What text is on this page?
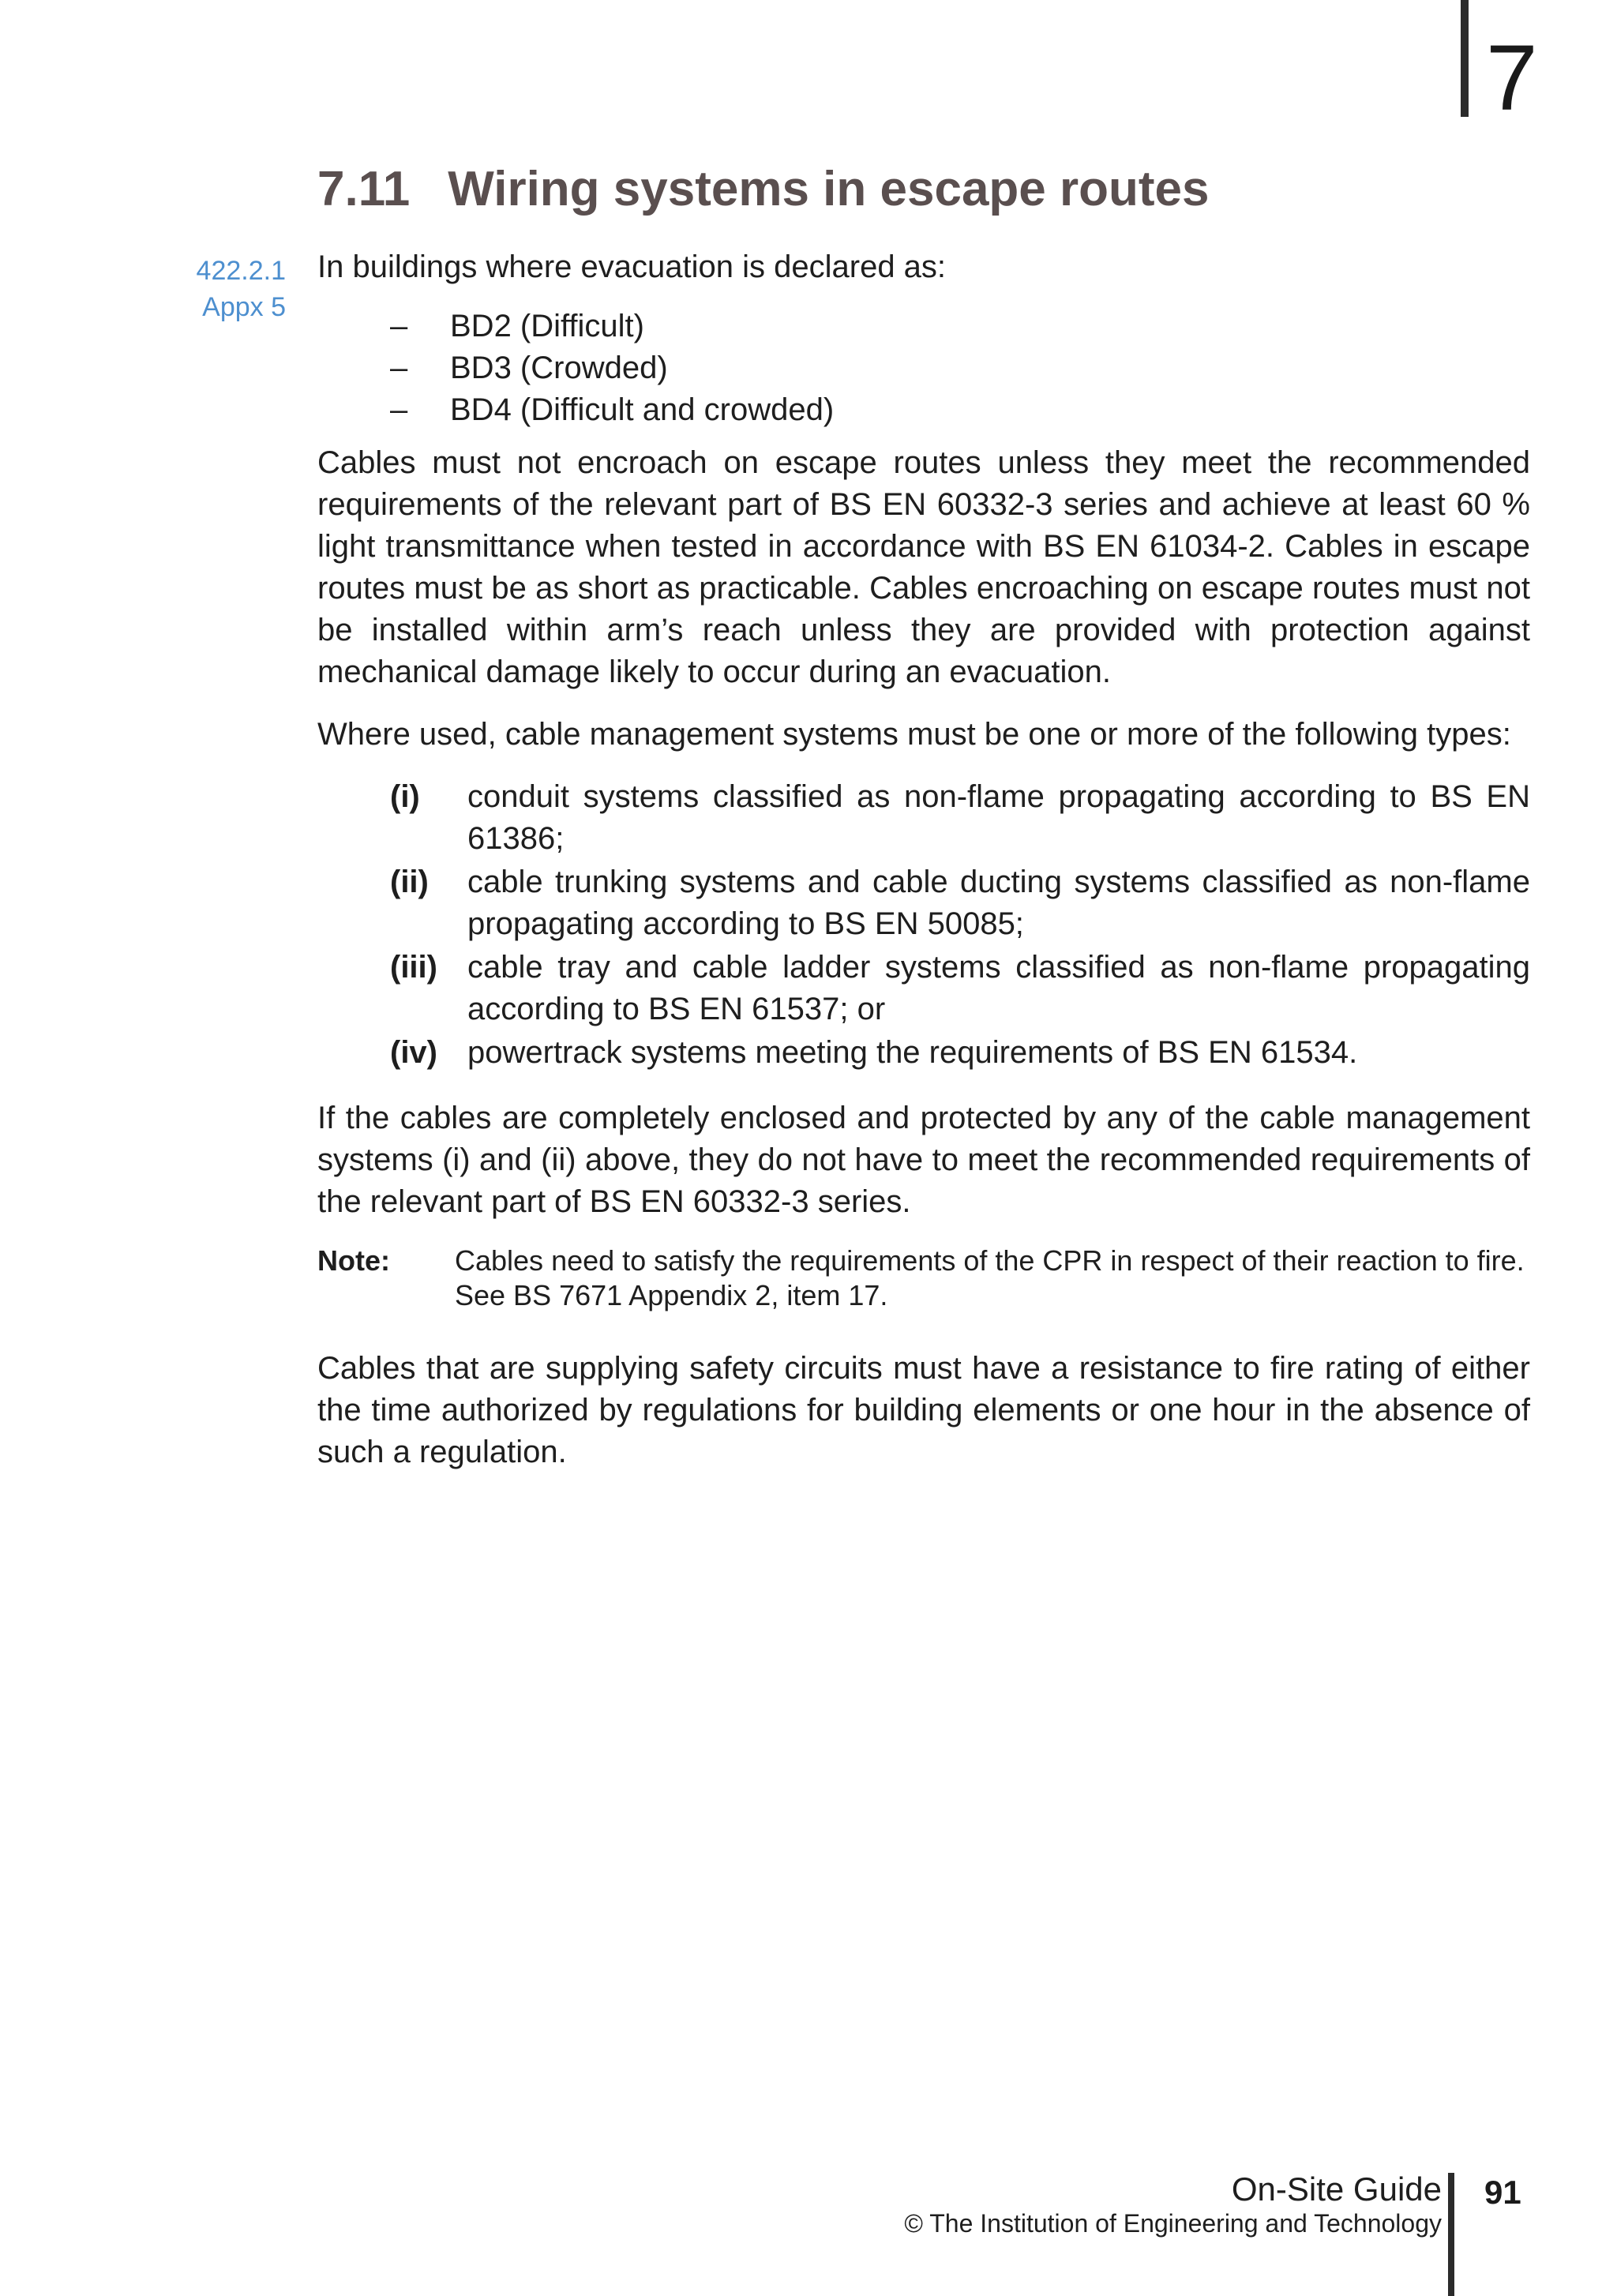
7
7.11 Wiring systems in escape routes
422.2.1
Appx 5

In buildings where evacuation is declared as:

– BD2 (Difficult)
– BD3 (Crowded)
– BD4 (Difficult and crowded)

Cables must not encroach on escape routes unless they meet the recommended requirements of the relevant part of BS EN 60332-3 series and achieve at least 60 % light transmittance when tested in accordance with BS EN 61034-2. Cables in escape routes must be as short as practicable. Cables encroaching on escape routes must not be installed within arm’s reach unless they are provided with protection against mechanical damage likely to occur during an evacuation.

Where used, cable management systems must be one or more of the following types:

(i) conduit systems classified as non-flame propagating according to BS EN 61386;
(ii) cable trunking systems and cable ducting systems classified as non-flame propagating according to BS EN 50085;
(iii) cable tray and cable ladder systems classified as non-flame propagating according to BS EN 61537; or
(iv) powertrack systems meeting the requirements of BS EN 61534.

If the cables are completely enclosed and protected by any of the cable management systems (i) and (ii) above, they do not have to meet the recommended requirements of the relevant part of BS EN 60332-3 series.

Note:	Cables need to satisfy the requirements of the CPR in respect of their reaction to fire. See BS 7671 Appendix 2, item 17.

Cables that are supplying safety circuits must have a resistance to fire rating of either the time authorized by regulations for building elements or one hour in the absence of such a regulation.

On-Site Guide
© The Institution of Engineering and Technology
91
